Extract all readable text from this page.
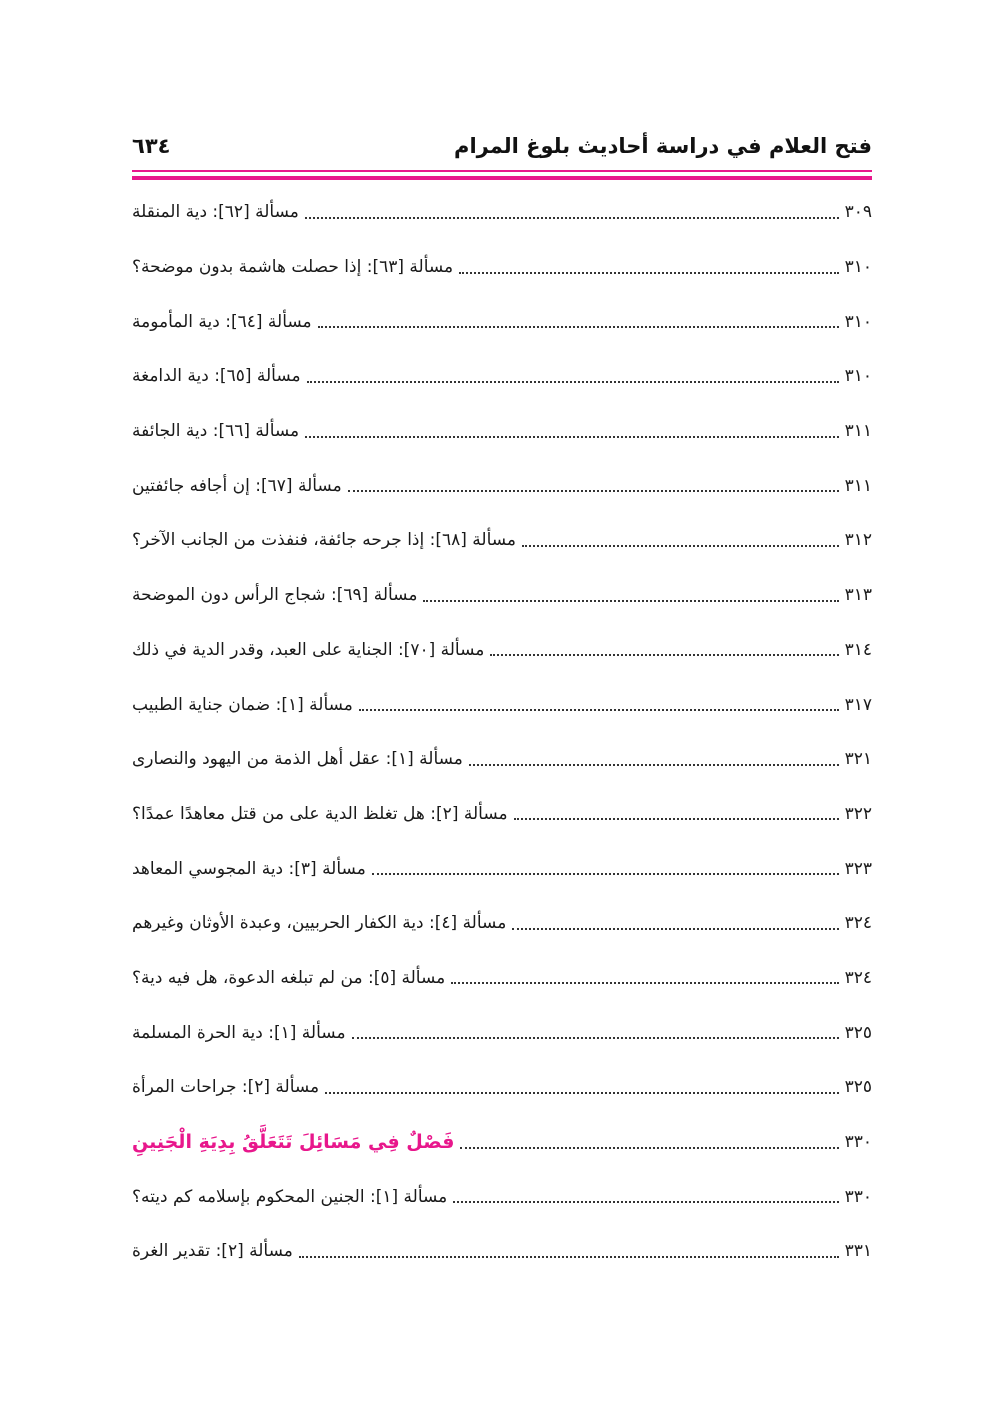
فتح العلام في دراسة أحاديث بلوغ المرام
٦٣٤
مسألة [٦٢]: دية المنقلة	٣٠٩
مسألة [٦٣]: إذا حصلت هاشمة بدون موضحة؟	٣١٠
مسألة [٦٤]: دية المأمومة	٣١٠
مسألة [٦٥]: دية الدامغة	٣١٠
مسألة [٦٦]: دية الجائفة	٣١١
مسألة [٦٧]: إن أجافه جائفتين	٣١١
مسألة [٦٨]: إذا جرحه جائفة، فنفذت من الجانب الآخر؟	٣١٢
مسألة [٦٩]: شجاج الرأس دون الموضحة	٣١٣
مسألة [٧٠]: الجناية على العبد، وقدر الدية في ذلك	٣١٤
مسألة [١]: ضمان جناية الطبيب	٣١٧
مسألة [١]: عقل أهل الذمة من اليهود والنصارى	٣٢١
مسألة [٢]: هل تغلظ الدية على من قتل معاهدًا عمدًا؟	٣٢٢
مسألة [٣]: دية المجوسي المعاهد	٣٢٣
مسألة [٤]: دية الكفار الحربيين، وعبدة الأوثان وغيرهم	٣٢٤
مسألة [٥]: من لم تبلغه الدعوة، هل فيه دية؟	٣٢٤
مسألة [١]: دية الحرة المسلمة	٣٢٥
مسألة [٢]: جراحات المرأة	٣٢٥
فَصْلٌ فِي مَسَائِلَ تَتَعَلَّقُ بِدِيَةِ الْجَنِينِ	٣٣٠
مسألة [١]: الجنين المحكوم بإسلامه كم ديته؟	٣٣٠
مسألة [٢]: تقدير الغرة	٣٣١
